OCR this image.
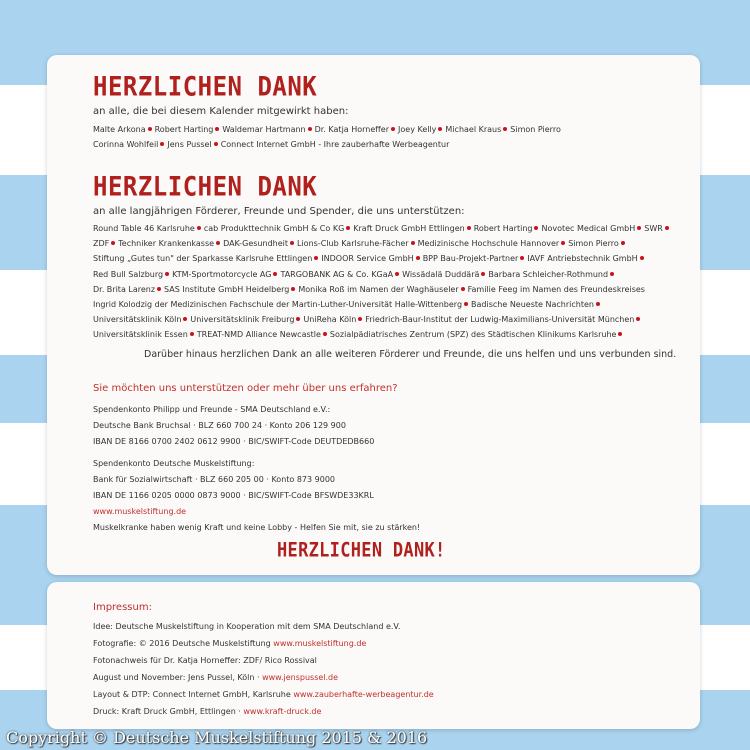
HERZLICHEN DANK
an alle, die bei diesem Kalender mitgewirkt haben:
Malte Arkona Robert Harting Waldemar Hartmann Dr. Katja Horneffer Joey Kelly Michael Kraus Simon Pierro
Corinna Wohlfeil Jens Pussel Connect Internet GmbH - Ihre zauberhafte Werbeagentur
HERZLICHEN DANK
an alle langjährigen Förderer, Freunde und Spender, die uns unterstützen:
Round Table 46 Karlsruhe cab Produkttechnik GmbH & Co KG Kraft Druck GmbH Ettlingen Robert Harting Novotec Medical GmbH SWR
ZDF Techniker Krankenkasse DAK-Gesundheit Lions-Club Karlsruhe-Fächer Medizinische Hochschule Hannover Simon Pierro
Stiftung „Gutes tun" der Sparkasse Karlsruhe Ettlingen INDOOR Service GmbH BPP Bau-Projekt-Partner IAVF Antriebstechnik GmbH
Red Bull Salzburg KTM-Sportmotorcycle AG TARGOBANK AG & Co. KGaA Wissädalä Duddärä Barbara Schleicher-Rothmund
Dr. Brita Larenz SAS Institute GmbH Heidelberg Monika Roß im Namen der Waghäuseler Familie Feeg im Namen des Freundeskreises
Ingrid Kolodzig der Medizinischen Fachschule der Martin-Luther-Universität Halle-Wittenberg Badische Neueste Nachrichten
Universitätsklinik Köln Universitätsklinik Freiburg UniReha Köln Friedrich-Baur-Institut der Ludwig-Maximilians-Universität München
Universitätsklinik Essen TREAT-NMD Alliance Newcastle Sozialpädiatrisches Zentrum (SPZ) des Städtischen Klinikums Karlsruhe
Darüber hinaus herzlichen Dank an alle weiteren Förderer und Freunde, die uns helfen und uns verbunden sind.
Sie möchten uns unterstützen oder mehr über uns erfahren?
Spendenkonto Philipp und Freunde - SMA Deutschland e.V.:
Deutsche Bank Bruchsal · BLZ 660 700 24 · Konto 206 129 900
IBAN DE 8166 0700 2402 0612 9900 · BIC/SWIFT-Code DEUTDEDB660
Spendenkonto Deutsche Muskelstiftung:
Bank für Sozialwirtschaft · BLZ 660 205 00 · Konto 873 9000
IBAN DE 1166 0205 0000 0873 9000 · BIC/SWIFT-Code BFSWDE33KRL
www.muskelstiftung.de
Muskelkranke haben wenig Kraft und keine Lobby - Helfen Sie mit, sie zu stärken!
HERZLICHEN DANK!
Impressum:
Idee: Deutsche Muskelstiftung in Kooperation mit dem SMA Deutschland e.V.
Fotografie: © 2016 Deutsche Muskelstiftung www.muskelstiftung.de
Fotonachweis für Dr. Katja Horneffer: ZDF/ Rico Rossival
August und November: Jens Pussel, Köln · www.jenspussel.de
Layout & DTP: Connect Internet GmbH, Karlsruhe www.zauberhafte-werbeagentur.de
Druck: Kraft Druck GmbH, Ettlingen · www.kraft-druck.de
Copyright © Deutsche Muskelstiftung 2015 & 2016
